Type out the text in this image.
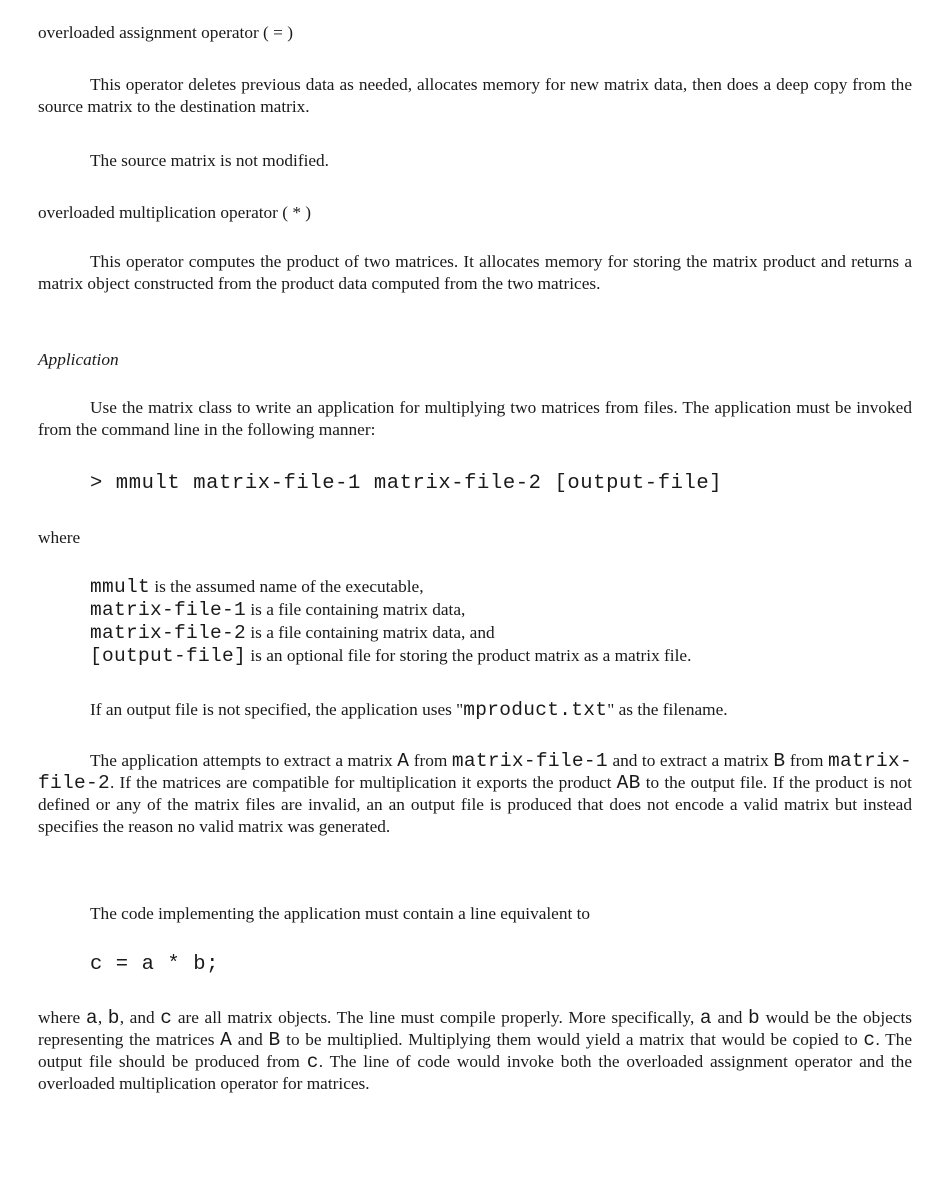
overloaded assignment operator ( = )

This operator deletes previous data as needed, allocates memory for new matrix data, then does a deep copy from the source matrix to the destination matrix.

The source matrix is not modified.

overloaded multiplication operator ( * )

This operator computes the product of two matrices. It allocates memory for storing the matrix product and returns a matrix object constructed from the product data computed from the two matrices.

Application

Use the matrix class to write an application for multiplying two matrices from files. The application must be invoked from the command line in the following manner:

> mmult matrix-file-1 matrix-file-2 [output-file]

where

mmult is the assumed name of the executable,
matrix-file-1 is a file containing matrix data,
matrix-file-2 is a file containing matrix data, and
[output-file] is an optional file for storing the product matrix as a matrix file.

If an output file is not specified, the application uses "mproduct.txt" as the filename.

The application attempts to extract a matrix A from matrix-file-1 and to extract a matrix B from matrix-file-2. If the matrices are compatible for multiplication it exports the product AB to the output file. If the product is not defined or any of the matrix files are invalid, an an output file is produced that does not encode a valid matrix but instead specifies the reason no valid matrix was generated.

The code implementing the application must contain a line equivalent to

c = a * b;

where a, b, and c are all matrix objects. The line must compile properly. More specifically, a and b would be the objects representing the matrices A and B to be multiplied. Multiplying them would yield a matrix that would be copied to c. The output file should be produced from c. The line of code would invoke both the overloaded assignment operator and the overloaded multiplication operator for matrices.
